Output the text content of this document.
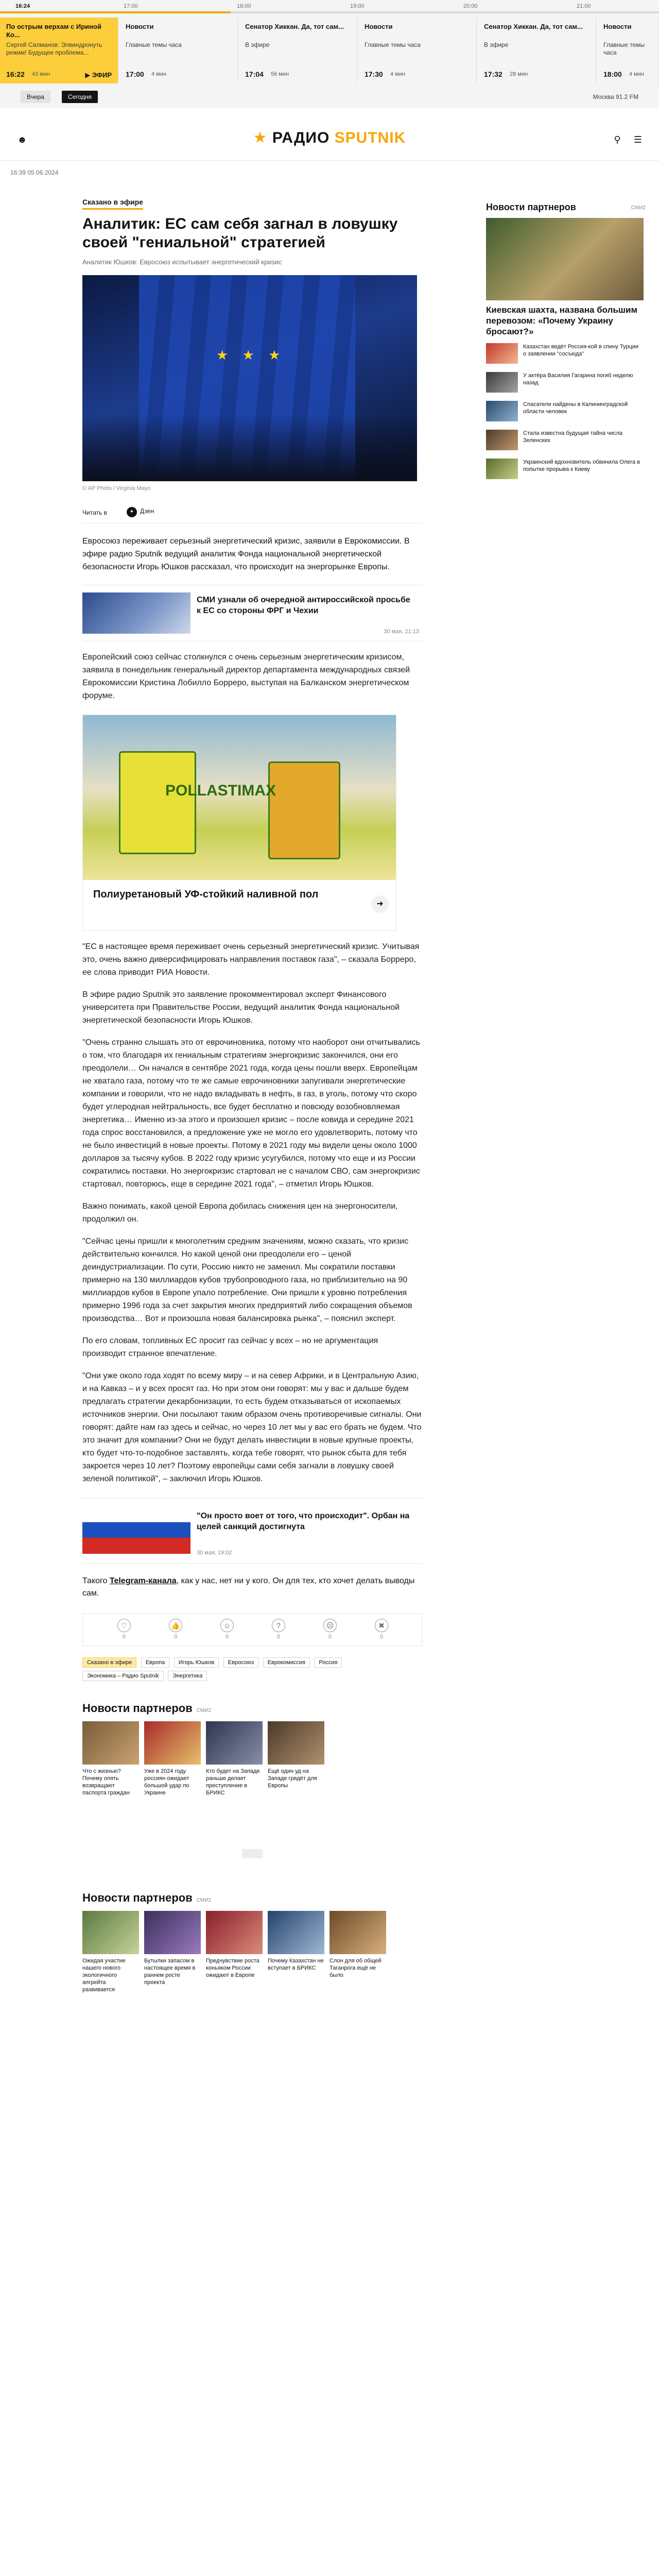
16:24	17:00	18:00	19:00	20:00	21:00
По острым верхам с Ириной Ко...
Сергей Салманов: Элвиндронуть режим! Будущее проблема...
16:22 43 мин	▶ ЭФИР
Новости
Главные темы часа
17:00 4 мин
Сенатор Хиккан. Да, тот сам...
В эфире
17:04 56 мин
Новости
Главные темы часа
17:30 4 мин
Сенатор Хиккан. Да, тот сам...
В эфире
17:32 28 мин
Новости
Главные темы часа
18:00 4 мин
Вчера	Сегодня	Москва 91.2 FM
☻	★ РАДИО SPUTNIK	⚲ ☰
16:39 05.06.2024
Сказано в эфире
Аналитик: ЕС сам себя загнал в ловушку своей "гениальной" стратегией
Аналитик Юшков: Евросоюз испытывает энергетический кризис
★ ★ ★
© AP Photo / Virginia Mayo
Читать в	✦ Дзен

Евросоюз переживает серьезный энергетический кризис, заявили в Еврокомиссии. В эфире радио Sputnik ведущий аналитик Фонда национальной энергетической безопасности Игорь Юшков рассказал, что происходит на энергорынке Европы.

СМИ узнали об очередной антироссийской просьбе к ЕС со стороны ФРГ и Чехии
30 мая, 21:13

Европейский союз сейчас столкнулся с очень серьезным энергетическим кризисом, заявила в понедельник генеральный директор департамента международных связей Еврокомиссии Кристина Лобилло Борреро, выступая на Балканском энергетическом форуме.

POLLASTIMAX
Полиуретановый УФ-стойкий наливной пол
➜

"ЕС в настоящее время переживает очень серьезный энергетический кризис. Учитывая это, очень важно диверсифицировать направления поставок газа", – сказала Борреро, ее слова приводит РИА Новости.

В эфире радио Sputnik это заявление прокомментировал эксперт Финансового университета при Правительстве России, ведущий аналитик Фонда национальной энергетической безопасности Игорь Юшков.

"Очень странно слышать это от еврочиновника, потому что наоборот они отчитывались о том, что благодаря их гениальным стратегиям энергокризис закончился, они его преодолели… Он начался в сентябре 2021 года, когда цены пошли вверх. Европейцам не хватало газа, потому что те же самые еврочиновники запугивали энергетические компании и говорили, что не надо вкладывать в нефть, в газ, в уголь, потому что скоро будет углеродная нейтральность, все будет бесплатно и повсюду возобновляемая энергетика… Именно из-за этого и произошел кризис – после ковида и середине 2021 года спрос восстановился, а предложение уже не могло его удовлетворить, потому что не было инвестиций в новые проекты. Потому в 2021 году мы видели цены около 1000 долларов за тысячу кубов. В 2022 году кризис усугубился, потому что еще и из России сократились поставки. Но энергокризис стартовал не с началом СВО, сам энергокризис стартовал, повторюсь, еще в середине 2021 года", – отметил Игорь Юшков.

Важно понимать, какой ценой Европа добилась снижения цен на энергоносители, продолжил он.

"Сейчас цены пришли к многолетним средним значениям, можно сказать, что кризис действительно кончился. Но какой ценой они преодолели его – ценой деиндустриализации. По сути, Россию никто не заменил. Мы сократили поставки примерно на 130 миллиардов кубов трубопроводного газа, но приблизительно на 90 миллиардов кубов в Европе упало потребление. Они пришли к уровню потребления примерно 1996 года за счет закрытия многих предприятий либо сокращения объемов производства… Вот и произошла новая балансировка рынка", – пояснил эксперт.

По его словам, топливных ЕС просит газ сейчас у всех – но не аргументация производит странное впечатление.

"Они уже около года ходят по всему миру – и на север Африки, и в Центральную Азию, и на Кавказ – и у всех просят газ. Но при этом они говорят: мы у вас и дальше будем предлагать стратегии декарбонизации, то есть будем отказываться от ископаемых источников энергии. Они посылают таким образом очень противоречивые сигналы. Они говорят: дайте нам газ здесь и сейчас, но через 10 лет мы у вас его брать не будем. Что это значит для компании? Они не будут делать инвестиции в новые крупные проекты, кто будет что-то-подобное заставлять, когда тебе говорят, что рынок сбыта для тебя закроется через 10 лет? Поэтому европейцы сами себя загнали в ловушку своей зеленой политикой", – заключил Игорь Юшков.

"Он просто воет от того, что происходит". Орбан на целей санкций достигнута
30 мая, 19:02

Такого Telegram-канала, как у нас, нет ни у кого. Он для тех, кто хочет делать выводы сам.

♡
0
👍
0
☺
0
?
0
☹
0
✖
0
Сказано в эфире Европа Игорь Юшков Евросоюз Еврокомиссия Россия Экономика – Радио Sputnik Энергетика
Новости партнеров СМИ2
Что с жизнью? Почему опять возвращают паспорта граждан
Уже в 2024 году россиян ожидает большой удар по Украине
Кто будет на Западе раньше делает преступление в БРИКС
Ещё один уд на Западе грядёт для Европы
Новости партнеров СМИ2
Ожидая участие нашего нового экологичного апгрейта развивается
Бутылки запасом в настоящее время в раннем росте проекта
Предчувствие роста коньяком России ожидают в Европе
Почему Казахстан не вступает в БРИКС
Слон для об общей Таганрога ещё не было
Новости партнеров	СМИ2
Киевская шахта, названа большим перевозом: «Почему Украину бросают?»
Казахстан ведёт Россия-кой в спину Турции о заявлении "сосъюда"
У актёра Василия Гагарина погиб неделю назад
Спасатели найдены в Калининградской области человек
Стала известна будущая тайна числа Зеленских
Украинский вдохновитель обвинила Олега в попытке прорыва к Киеву
